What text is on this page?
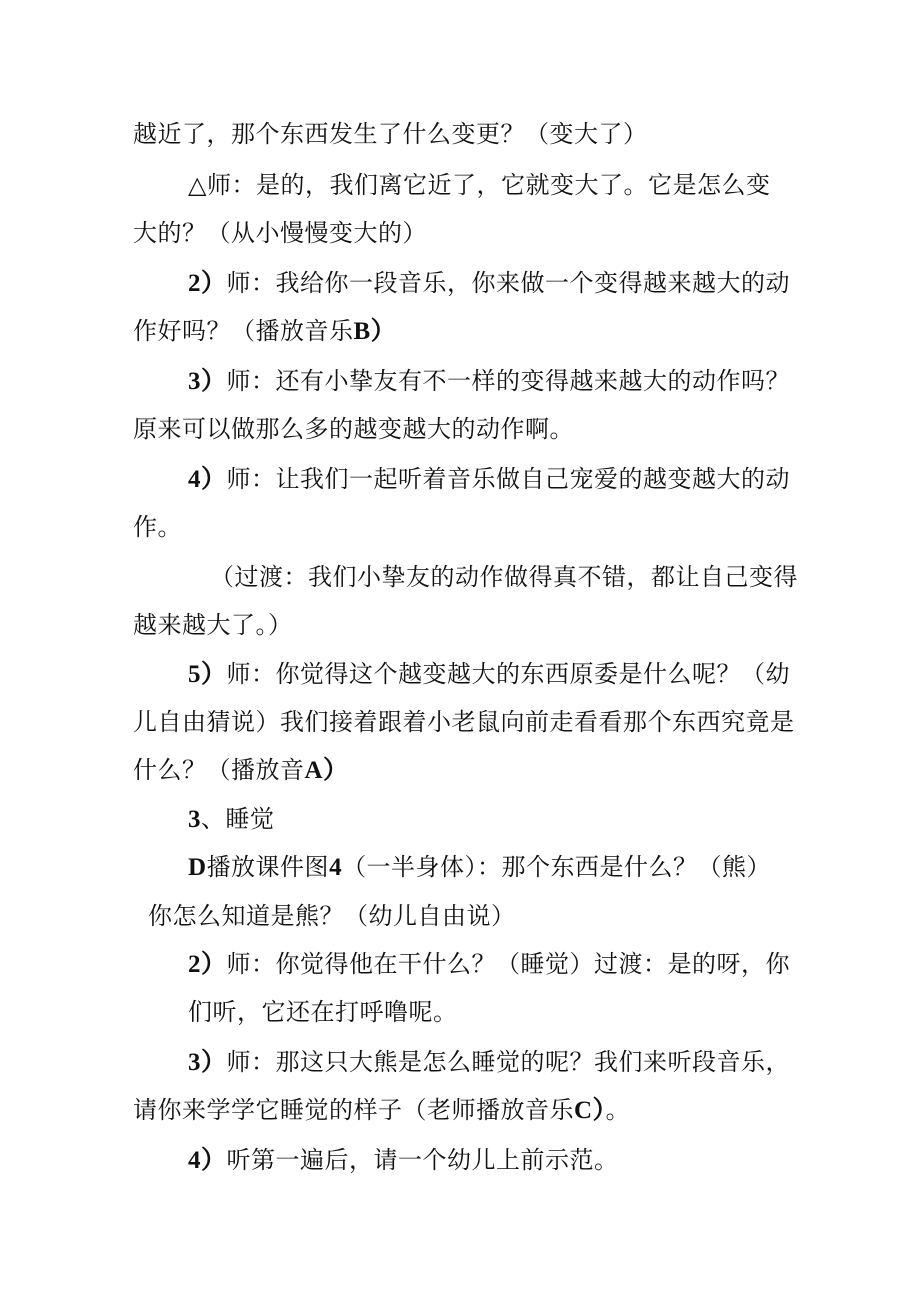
越近了，那个东西发生了什么变更？（变大了）
△师：是的，我们离它近了，它就变大了。它是怎么变
大的？（从小慢慢变大的）
2）师：我给你一段音乐，你来做一个变得越来越大的动
作好吗？（播放音乐B）
3）师：还有小挚友有不一样的变得越来越大的动作吗？
原来可以做那么多的越变越大的动作啊。
4）师：让我们一起听着音乐做自己宠爱的越变越大的动
作。
（过渡：我们小挚友的动作做得真不错，都让自己变得
越来越大了。）
5）师：你觉得这个越变越大的东西原委是什么呢？（幼
儿自由猜说）我们接着跟着小老鼠向前走看看那个东西究竟是
什么？（播放音A）
3、睡觉
D播放课件图4（一半身体）：那个东西是什么？（熊）
你怎么知道是熊？（幼儿自由说）
2）师：你觉得他在干什么？（睡觉）过渡：是的呀，你
们听，它还在打呼噜呢。
3）师：那这只大熊是怎么睡觉的呢？我们来听段音乐，
请你来学学它睡觉的样子（老师播放音乐C）。
4）听第一遍后，请一个幼儿上前示范。
